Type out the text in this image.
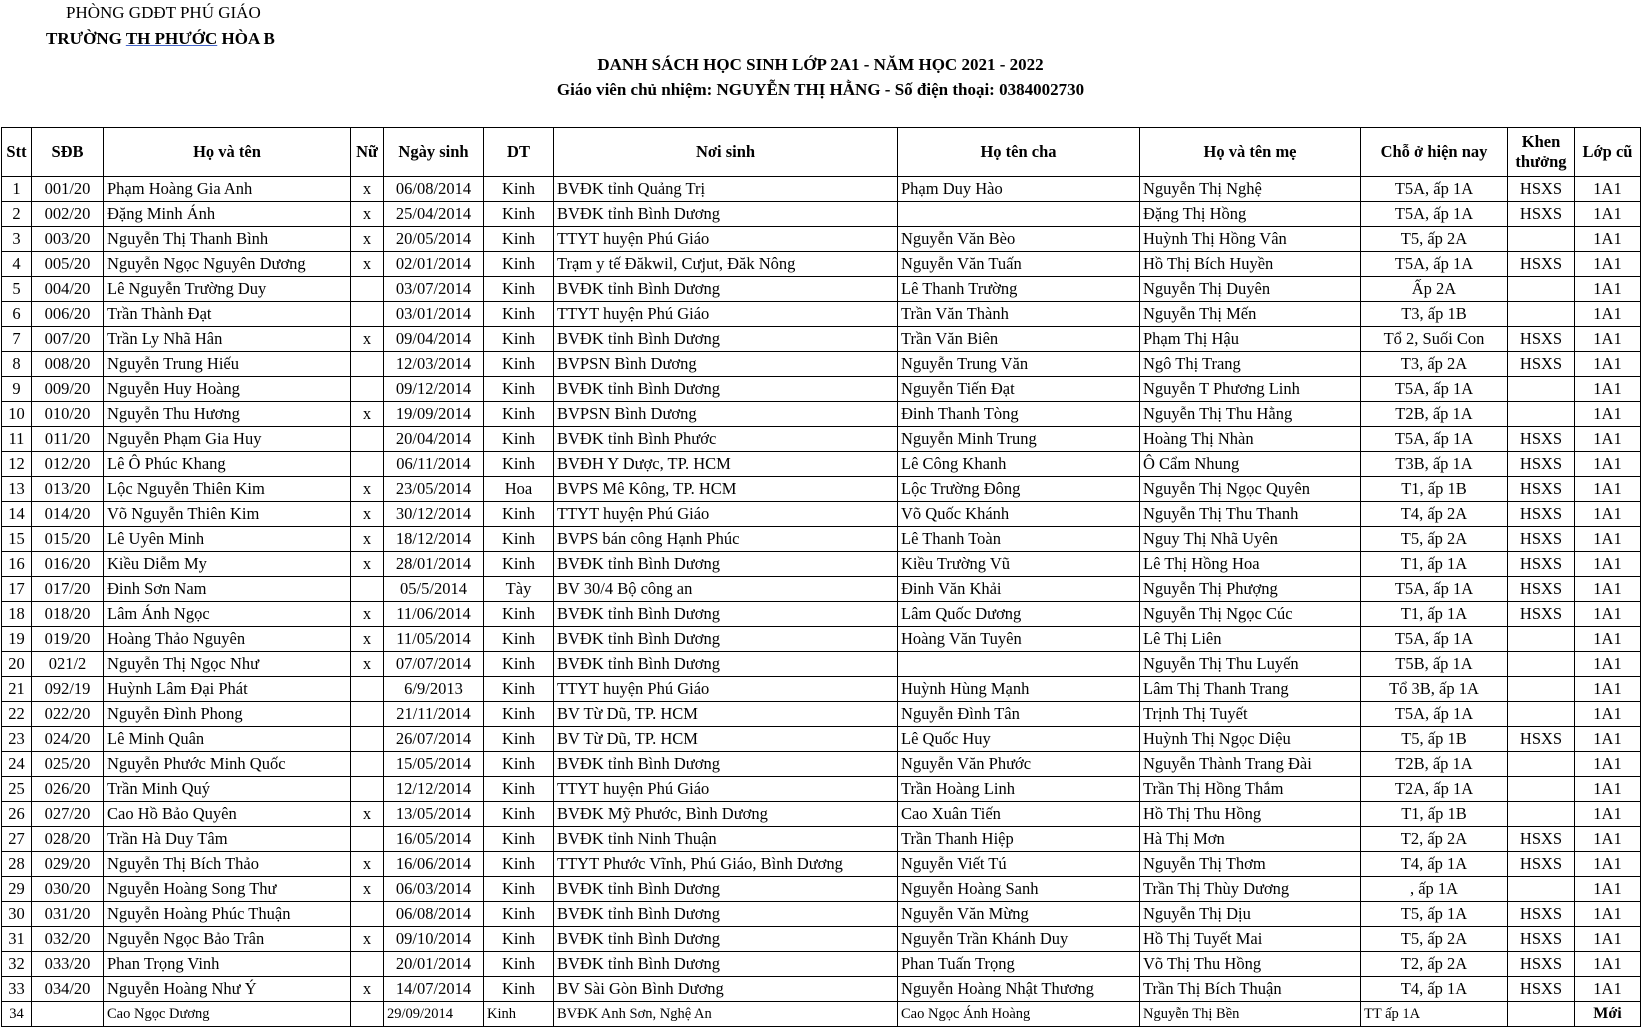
PHÒNG GDĐT PHÚ GIÁO
TRƯỜNG TH PHƯỚC HÒA B
DANH SÁCH HỌC SINH LỚP 2A1 - NĂM HỌC 2021 - 2022
Giáo viên chủ nhiệm: NGUYỄN THỊ HẰNG - Số điện thoại: 0384002730
Stt	SĐB	Họ và tên	Nữ	Ngày sinh	DT	Nơi sinh	Họ tên cha	Họ và tên mẹ	Chỗ ở hiện nay	Khen thưởng	Lớp cũ
1	001/20	Phạm Hoàng Gia Anh	x	06/08/2014	Kinh	BVĐK tỉnh Quảng Trị	Phạm Duy Hào	Nguyễn Thị Nghệ	T5A, ấp 1A	HSXS	1A1
2	002/20	Đặng Minh Ánh	x	25/04/2014	Kinh	BVĐK tỉnh Bình Dương		Đặng Thị Hồng	T5A, ấp 1A	HSXS	1A1
3	003/20	Nguyễn Thị Thanh Bình	x	20/05/2014	Kinh	TTYT huyện Phú Giáo	Nguyễn Văn Bèo	Huỳnh Thị Hồng Vân	T5, ấp 2A		1A1
4	005/20	Nguyễn Ngọc Nguyên Dương	x	02/01/2014	Kinh	Trạm y tế Đăkwil, Cưjut, Đăk Nông	Nguyễn Văn Tuấn	Hồ Thị Bích Huyền	T5A, ấp 1A	HSXS	1A1
5	004/20	Lê Nguyễn Trường Duy		03/07/2014	Kinh	BVĐK tỉnh Bình Dương	Lê Thanh Trường	Nguyễn Thị Duyên	Ấp 2A		1A1
6	006/20	Trần Thành Đạt		03/01/2014	Kinh	TTYT huyện Phú Giáo	Trần Văn Thành	Nguyễn Thị Mến	T3, ấp 1B		1A1
7	007/20	Trần Ly Nhã Hân	x	09/04/2014	Kinh	BVĐK tỉnh Bình Dương	Trần Văn Biên	Phạm Thị Hậu	Tổ 2, Suối Con	HSXS	1A1
8	008/20	Nguyễn Trung Hiếu		12/03/2014	Kinh	BVPSN Bình Dương	Nguyễn Trung Văn	Ngô Thị Trang	T3, ấp 2A	HSXS	1A1
9	009/20	Nguyễn Huy Hoàng		09/12/2014	Kinh	BVĐK tỉnh Bình Dương	Nguyễn Tiến Đạt	Nguyễn T Phương Linh	T5A, ấp 1A		1A1
10	010/20	Nguyễn Thu Hương	x	19/09/2014	Kinh	BVPSN Bình Dương	Đinh Thanh Tòng	Nguyễn Thị Thu Hằng	T2B, ấp 1A		1A1
11	011/20	Nguyễn Phạm Gia Huy		20/04/2014	Kinh	BVĐK tỉnh Bình Phước	Nguyễn Minh Trung	Hoàng Thị Nhàn	T5A, ấp 1A	HSXS	1A1
12	012/20	Lê Ô Phúc Khang		06/11/2014	Kinh	BVĐH Y Dược, TP. HCM	Lê Công Khanh	Ô Cẩm Nhung	T3B, ấp 1A	HSXS	1A1
13	013/20	Lộc Nguyễn Thiên Kim	x	23/05/2014	Hoa	BVPS Mê Kông, TP. HCM	Lộc Trường Đông	Nguyễn Thị Ngọc Quyên	T1, ấp 1B	HSXS	1A1
14	014/20	Võ Nguyễn Thiên Kim	x	30/12/2014	Kinh	TTYT huyện Phú Giáo	Võ Quốc Khánh	Nguyễn Thị Thu Thanh	T4, ấp 2A	HSXS	1A1
15	015/20	Lê Uyên Minh	x	18/12/2014	Kinh	BVPS bán công Hạnh Phúc	Lê Thanh Toàn	Nguy Thị Nhã Uyên	T5, ấp 2A	HSXS	1A1
16	016/20	Kiều Diễm My	x	28/01/2014	Kinh	BVĐK tỉnh Bình Dương	Kiều Trường Vũ	Lê Thị Hồng Hoa	T1, ấp 1A	HSXS	1A1
17	017/20	Đinh Sơn Nam		05/5/2014	Tày	BV 30/4 Bộ công an	Đinh Văn Khải	Nguyễn Thị Phượng	T5A, ấp 1A	HSXS	1A1
18	018/20	Lâm Ánh Ngọc	x	11/06/2014	Kinh	BVĐK tỉnh Bình Dương	Lâm Quốc Dương	Nguyễn Thị Ngọc Cúc	T1, ấp 1A	HSXS	1A1
19	019/20	Hoàng Thảo Nguyên	x	11/05/2014	Kinh	BVĐK tỉnh Bình Dương	Hoàng Văn Tuyên	Lê Thị Liên	T5A, ấp 1A		1A1
20	021/2	Nguyễn Thị Ngọc Như	x	07/07/2014	Kinh	BVĐK tỉnh Bình Dương		Nguyễn Thị Thu Luyến	T5B, ấp 1A		1A1
21	092/19	Huỳnh Lâm Đại Phát		6/9/2013	Kinh	TTYT huyện Phú Giáo	Huỳnh Hùng Mạnh	Lâm Thị Thanh Trang	Tổ 3B, ấp 1A		1A1
22	022/20	Nguyễn Đình Phong		21/11/2014	Kinh	BV Từ Dũ, TP. HCM	Nguyễn Đình Tân	Trịnh Thị Tuyết	T5A, ấp 1A		1A1
23	024/20	Lê Minh Quân		26/07/2014	Kinh	BV Từ Dũ, TP. HCM	Lê Quốc Huy	Huỳnh Thị Ngọc Diệu	T5, ấp 1B	HSXS	1A1
24	025/20	Nguyễn Phước Minh Quốc		15/05/2014	Kinh	BVĐK tỉnh Bình Dương	Nguyễn Văn Phước	Nguyễn Thành Trang Đài	T2B, ấp 1A		1A1
25	026/20	Trần Minh Quý		12/12/2014	Kinh	TTYT huyện Phú Giáo	Trần Hoàng Linh	Trần Thị Hồng Thắm	T2A, ấp 1A		1A1
26	027/20	Cao Hồ Bảo Quyên	x	13/05/2014	Kinh	BVĐK Mỹ Phước, Bình Dương	Cao Xuân Tiến	Hồ Thị Thu Hồng	T1, ấp 1B		1A1
27	028/20	Trần Hà Duy Tâm		16/05/2014	Kinh	BVĐK tỉnh Ninh Thuận	Trần Thanh Hiệp	Hà Thị Mơn	T2, ấp 2A	HSXS	1A1
28	029/20	Nguyễn Thị Bích Thảo	x	16/06/2014	Kinh	TTYT Phước Vĩnh, Phú Giáo, Bình Dương	Nguyễn Viết Tú	Nguyễn Thị Thơm	T4, ấp 1A	HSXS	1A1
29	030/20	Nguyễn Hoàng Song Thư	x	06/03/2014	Kinh	BVĐK tỉnh Bình Dương	Nguyễn Hoàng Sanh	Trần Thị Thùy Dương	, ấp 1A		1A1
30	031/20	Nguyễn Hoàng Phúc Thuận		06/08/2014	Kinh	BVĐK tỉnh Bình Dương	Nguyễn Văn Mừng	Nguyễn Thị Dịu	T5, ấp 1A	HSXS	1A1
31	032/20	Nguyễn Ngọc Bảo Trân	x	09/10/2014	Kinh	BVĐK tỉnh Bình Dương	Nguyễn Trần Khánh Duy	Hồ Thị Tuyết Mai	T5, ấp 2A	HSXS	1A1
32	033/20	Phan Trọng Vinh		20/01/2014	Kinh	BVĐK tỉnh Bình Dương	Phan Tuấn Trọng	Võ Thị Thu Hồng	T2, ấp 2A	HSXS	1A1
33	034/20	Nguyễn Hoàng Như Ý	x	14/07/2014	Kinh	BV Sài Gòn Bình Dương	Nguyễn Hoàng Nhật Thương	Trần Thị Bích Thuận	T4, ấp 1A	HSXS	1A1
34		Cao Ngọc Dương		29/09/2014	Kinh	BVĐK Anh Sơn, Nghệ An	Cao Ngọc Ánh Hoàng	Nguyễn Thị Bền	TT ấp 1A		Mới
